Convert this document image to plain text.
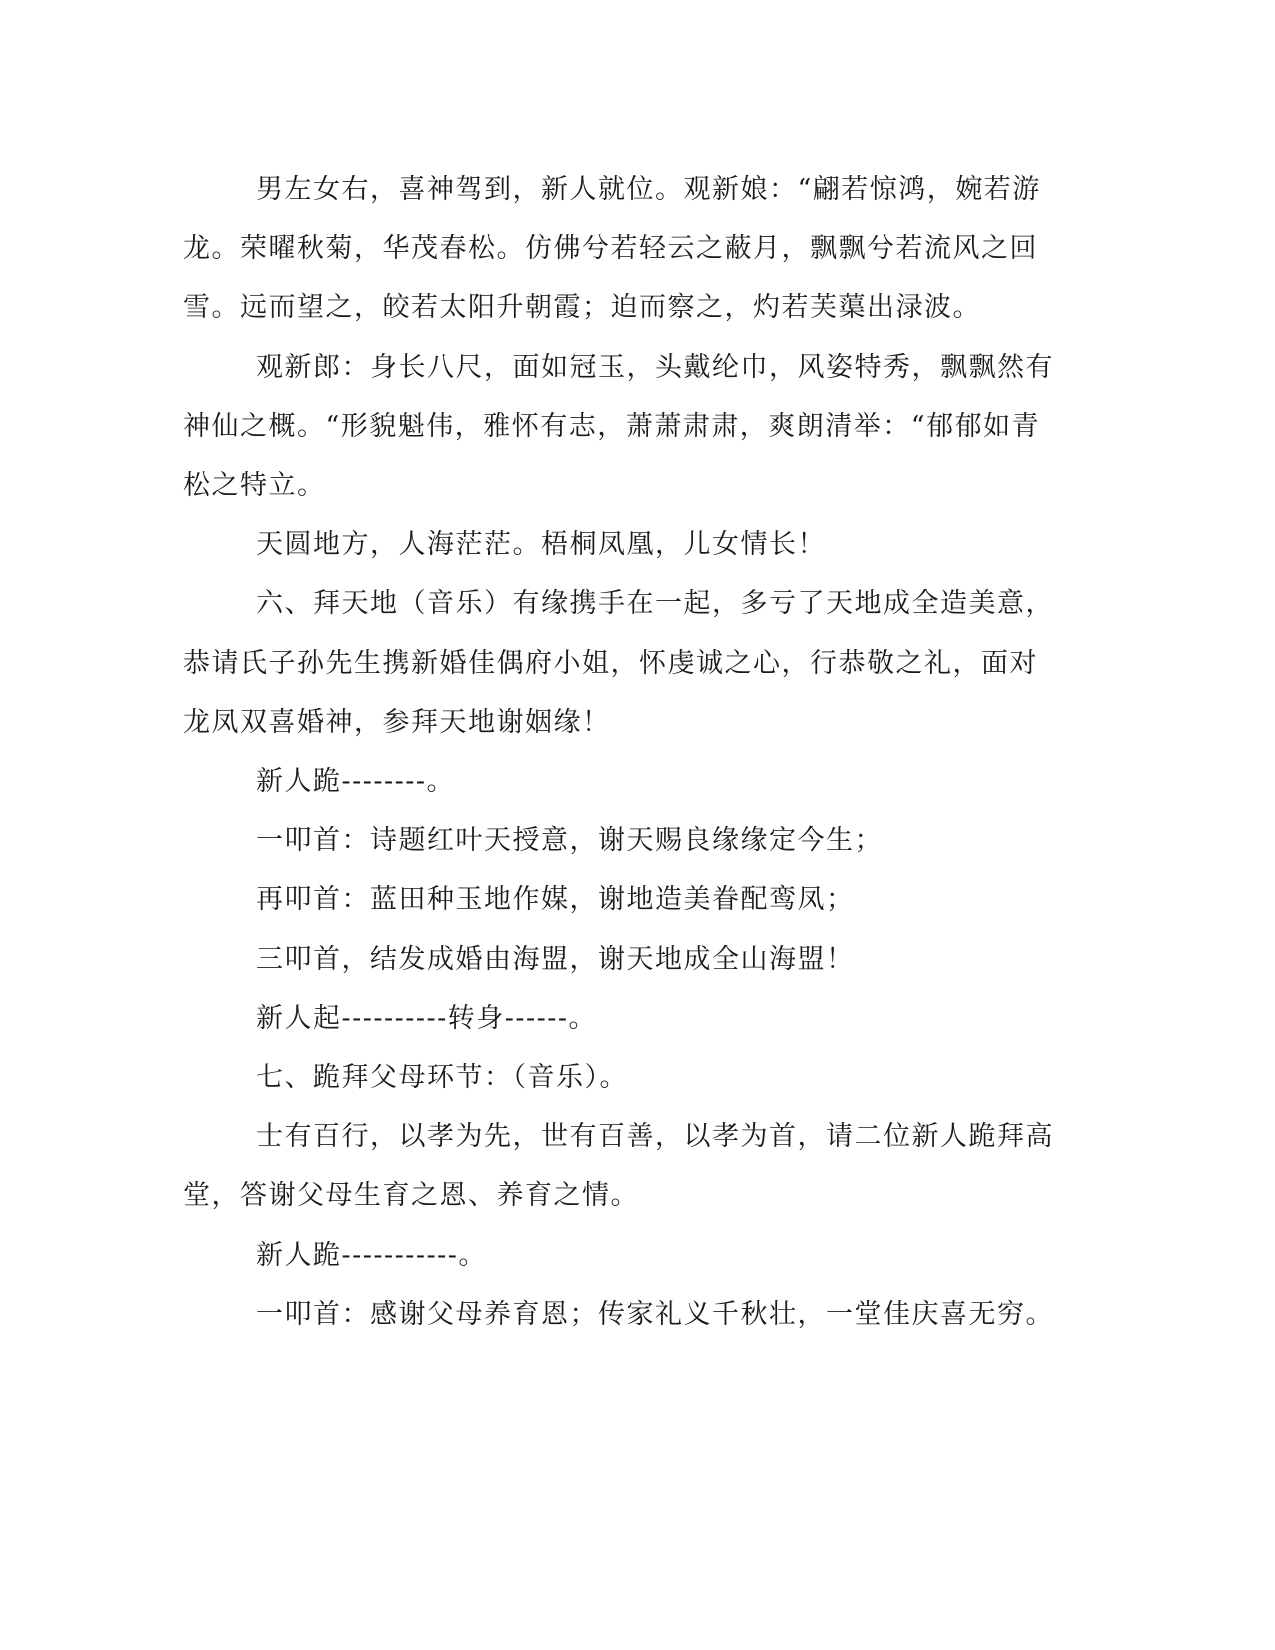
男左女右，喜神驾到，新人就位。观新娘：“翩若惊鸿，婉若游龙。荣曜秋菊，华茂春松。仿佛兮若轻云之蔽月，飘飘兮若流风之回雪。远而望之，皎若太阳升朝霞；迫而察之，灼若芙蕖出渌波。

观新郎：身长八尺，面如冠玉，头戴纶巾，风姿特秀，飘飘然有神仙之概。“形貌魁伟，雅怀有志，萧萧肃肃，爽朗清举：“郁郁如青松之特立。

天圆地方，人海茫茫。梧桐凤凰，儿女情长！

六、拜天地（音乐）有缘携手在一起，多亏了天地成全造美意，恭请氏子孙先生携新婚佳偶府小姐，怀虔诚之心，行恭敬之礼，面对龙凤双喜婚神，参拜天地谢姻缘！

新人跪--------。

一叩首：诗题红叶天授意，谢天赐良缘缘定今生；

再叩首：蓝田种玉地作媒，谢地造美眷配鸾凤；

三叩首，结发成婚由海盟，谢天地成全山海盟！

新人起----------转身------。

七、跪拜父母环节：（音乐）。

士有百行，以孝为先，世有百善，以孝为首，请二位新人跪拜高堂，答谢父母生育之恩、养育之情。

新人跪-----------。

一叩首：感谢父母养育恩；传家礼义千秋壮，一堂佳庆喜无穷。
